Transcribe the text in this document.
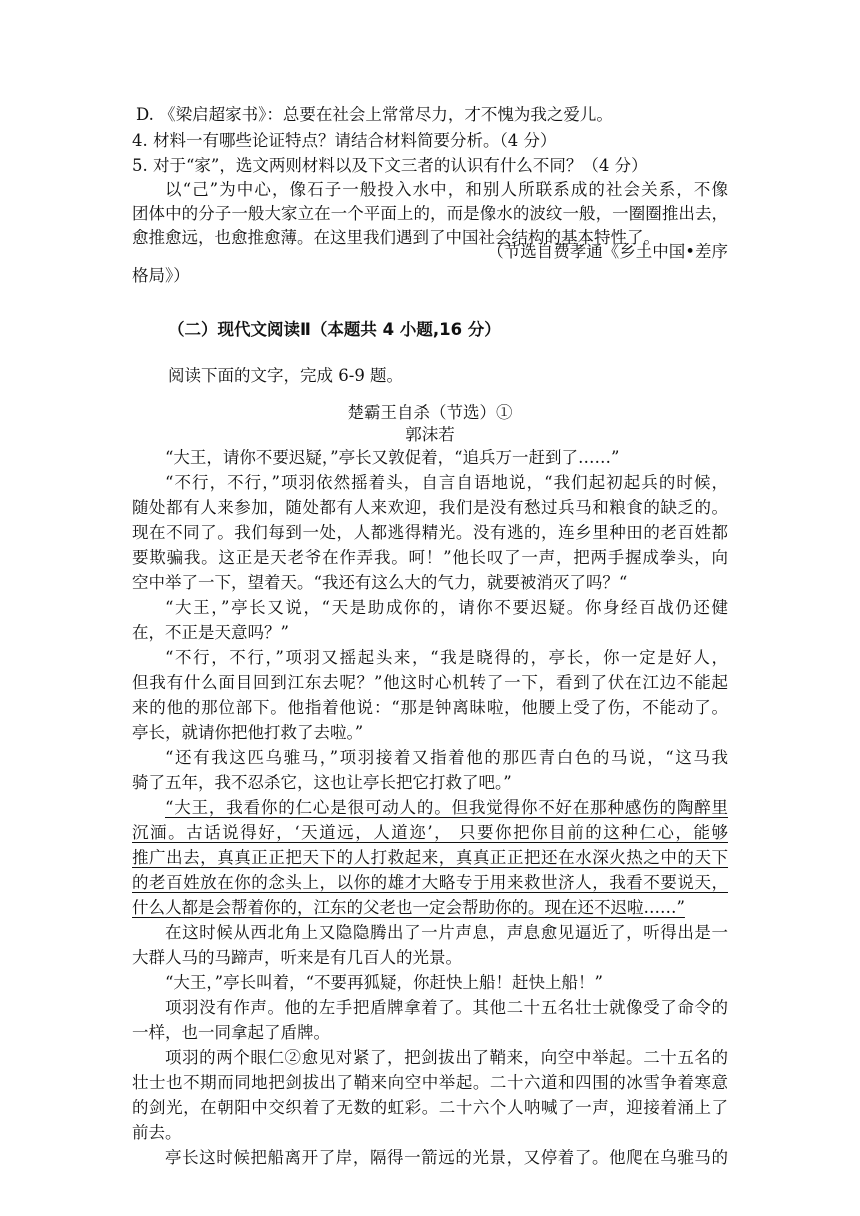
D. 《梁启超家书》：总要在社会上常常尽力，才不愧为我之爱儿。
4. 材料一有哪些论证特点？请结合材料简要分析。（4 分）
5. 对于“家”，选文两则材料以及下文三者的认识有什么不同？（4 分）
以“己”为中心，像石子一般投入水中，和别人所联系成的社会关系，不像
团体中的分子一般大家立在一个平面上的，而是像水的波纹一般，一圈圈推出去，
愈推愈远，也愈推愈薄。在这里我们遇到了中国社会结构的基本特性了。
（节选自费孝通《乡土中国•差序
格局》）
（二）现代文阅读Ⅱ（本题共 4 小题,16 分）
阅读下面的文字，完成 6-9 题。
楚霸王自杀（节选）①
郭沫若
“大王，请你不要迟疑，”亭长又敦促着，“追兵万一赶到了……”
“不行，不行，”项羽依然摇着头，自言自语地说，“我们起初起兵的时候，
随处都有人来参加，随处都有人来欢迎，我们是没有愁过兵马和粮食的缺乏的。
现在不同了。我们每到一处，人都逃得精光。没有逃的，连乡里种田的老百姓都
要欺骗我。这正是天老爷在作弄我。呵！”他长叹了一声，把两手握成拳头，向
空中举了一下，望着天。“我还有这么大的气力，就要被消灭了吗？“
“大王，”亭长又说，“天是助成你的，请你不要迟疑。你身经百战仍还健
在，不正是天意吗？”
“不行，不行，”项羽又摇起头来，“我是晓得的，亭长，你一定是好人，
但我有什么面目回到江东去呢？”他这时心机转了一下，看到了伏在江边不能起
来的他的那位部下。他指着他说：“那是钟离昧啦，他腰上受了伤，不能动了。
亭长，就请你把他打救了去啦。”
“还有我这匹乌骓马，”项羽接着又指着他的那匹青白色的马说，“这马我
骑了五年，我不忍杀它，这也让亭长把它打救了吧。”
“大王，我看你的仁心是很可动人的。但我觉得你不好在那种感伤的陶醉里
沉湎。古话说得好，‘天道远，人道迩’， 只要你把你目前的这种仁心，能够
推广出去，真真正正把天下的人打救起来，真真正正把还在水深火热之中的天下
的老百姓放在你的念头上，以你的雄才大略专于用来救世济人，我看不要说天，
什么人都是会帮着你的，江东的父老也一定会帮助你的。现在还不迟啦……”
在这时候从西北角上又隐隐腾出了一片声息，声息愈见逼近了，听得出是一
大群人马的马蹄声，听来是有几百人的光景。
“大王，”亭长叫着，“不要再狐疑，你赶快上船！赶快上船！”
项羽没有作声。他的左手把盾牌拿着了。其他二十五名壮士就像受了命令的
一样，也一同拿起了盾牌。
项羽的两个眼仁②愈见对紧了，把剑拔出了鞘来，向空中举起。二十五名的
壮士也不期而同地把剑拔出了鞘来向空中举起。二十六道和四围的冰雪争着寒意
的剑光，在朝阳中交织着了无数的虹彩。二十六个人呐喊了一声，迎接着涌上了
前去。
亭长这时候把船离开了岸，隔得一箭远的光景，又停着了。他爬在乌骓马的
